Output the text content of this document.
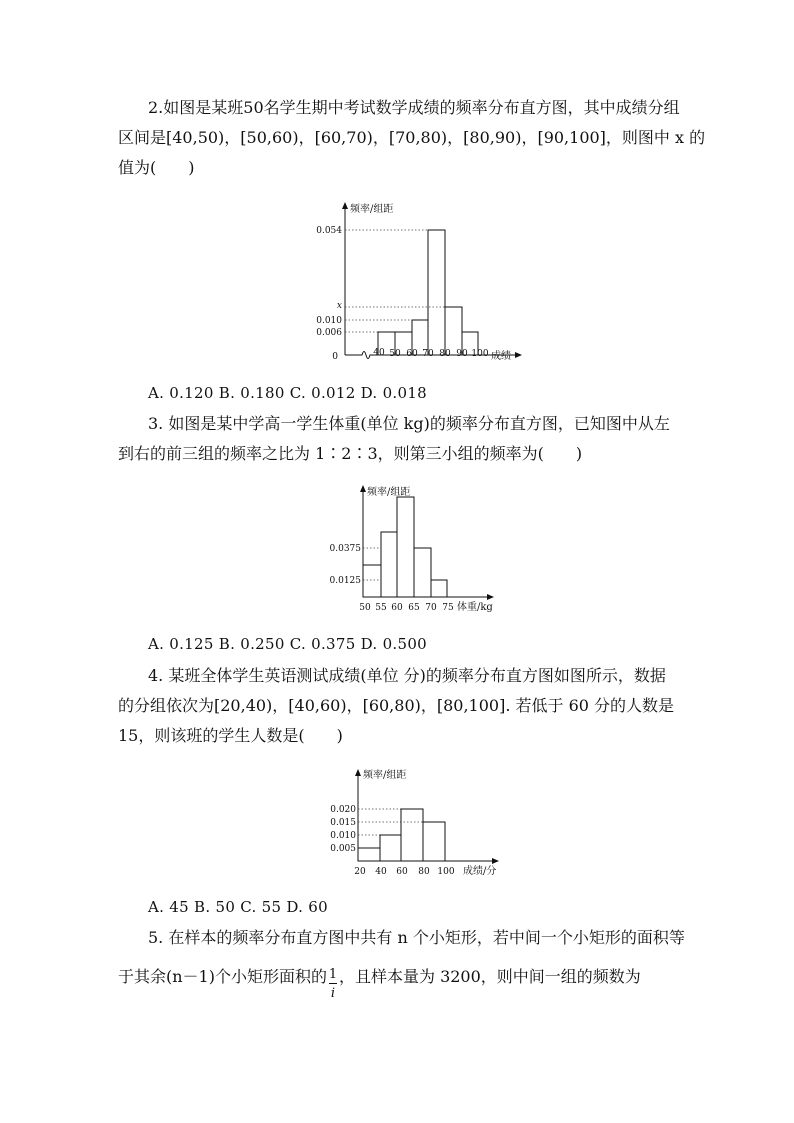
2.如图是某班50名学生期中考试数学成绩的频率分布直方图，其中成绩分组
区间是[40,50)，[50,60)，[60,70)，[70,80)，[80,90)，[90,100]，则图中 x 的
值为(　　)
频率/组距
成绩
0
0.054
x
0.010
0.006
40 50 60 70 80 90 100
A. 0.120 B. 0.180 C. 0.012 D. 0.018
3. 如图是某中学高一学生体重(单位 kg)的频率分布直方图，已知图中从左
到右的前三组的频率之比为 1∶2∶3，则第三小组的频率为(　　)
频率/组距
体重/kg
0.0375
0.0125
50 55 60 65 70 75
A. 0.125 B. 0.250 C. 0.375 D. 0.500
4. 某班全体学生英语测试成绩(单位 分)的频率分布直方图如图所示，数据
的分组依次为[20,40)，[40,60)，[60,80)，[80,100]. 若低于 60 分的人数是
15，则该班的学生人数是(　　)
频率/组距
成绩/分
0.020
0.015
0.010
0.005
20 40 60 80 100
A. 45 B. 50 C. 55 D. 60
5. 在样本的频率分布直方图中共有 n 个小矩形，若中间一个小矩形的面积等
于其余(n－1)个小矩形面积的
$\frac{1}{i}$
，且样本量为 3200，则中间一组的频数为
